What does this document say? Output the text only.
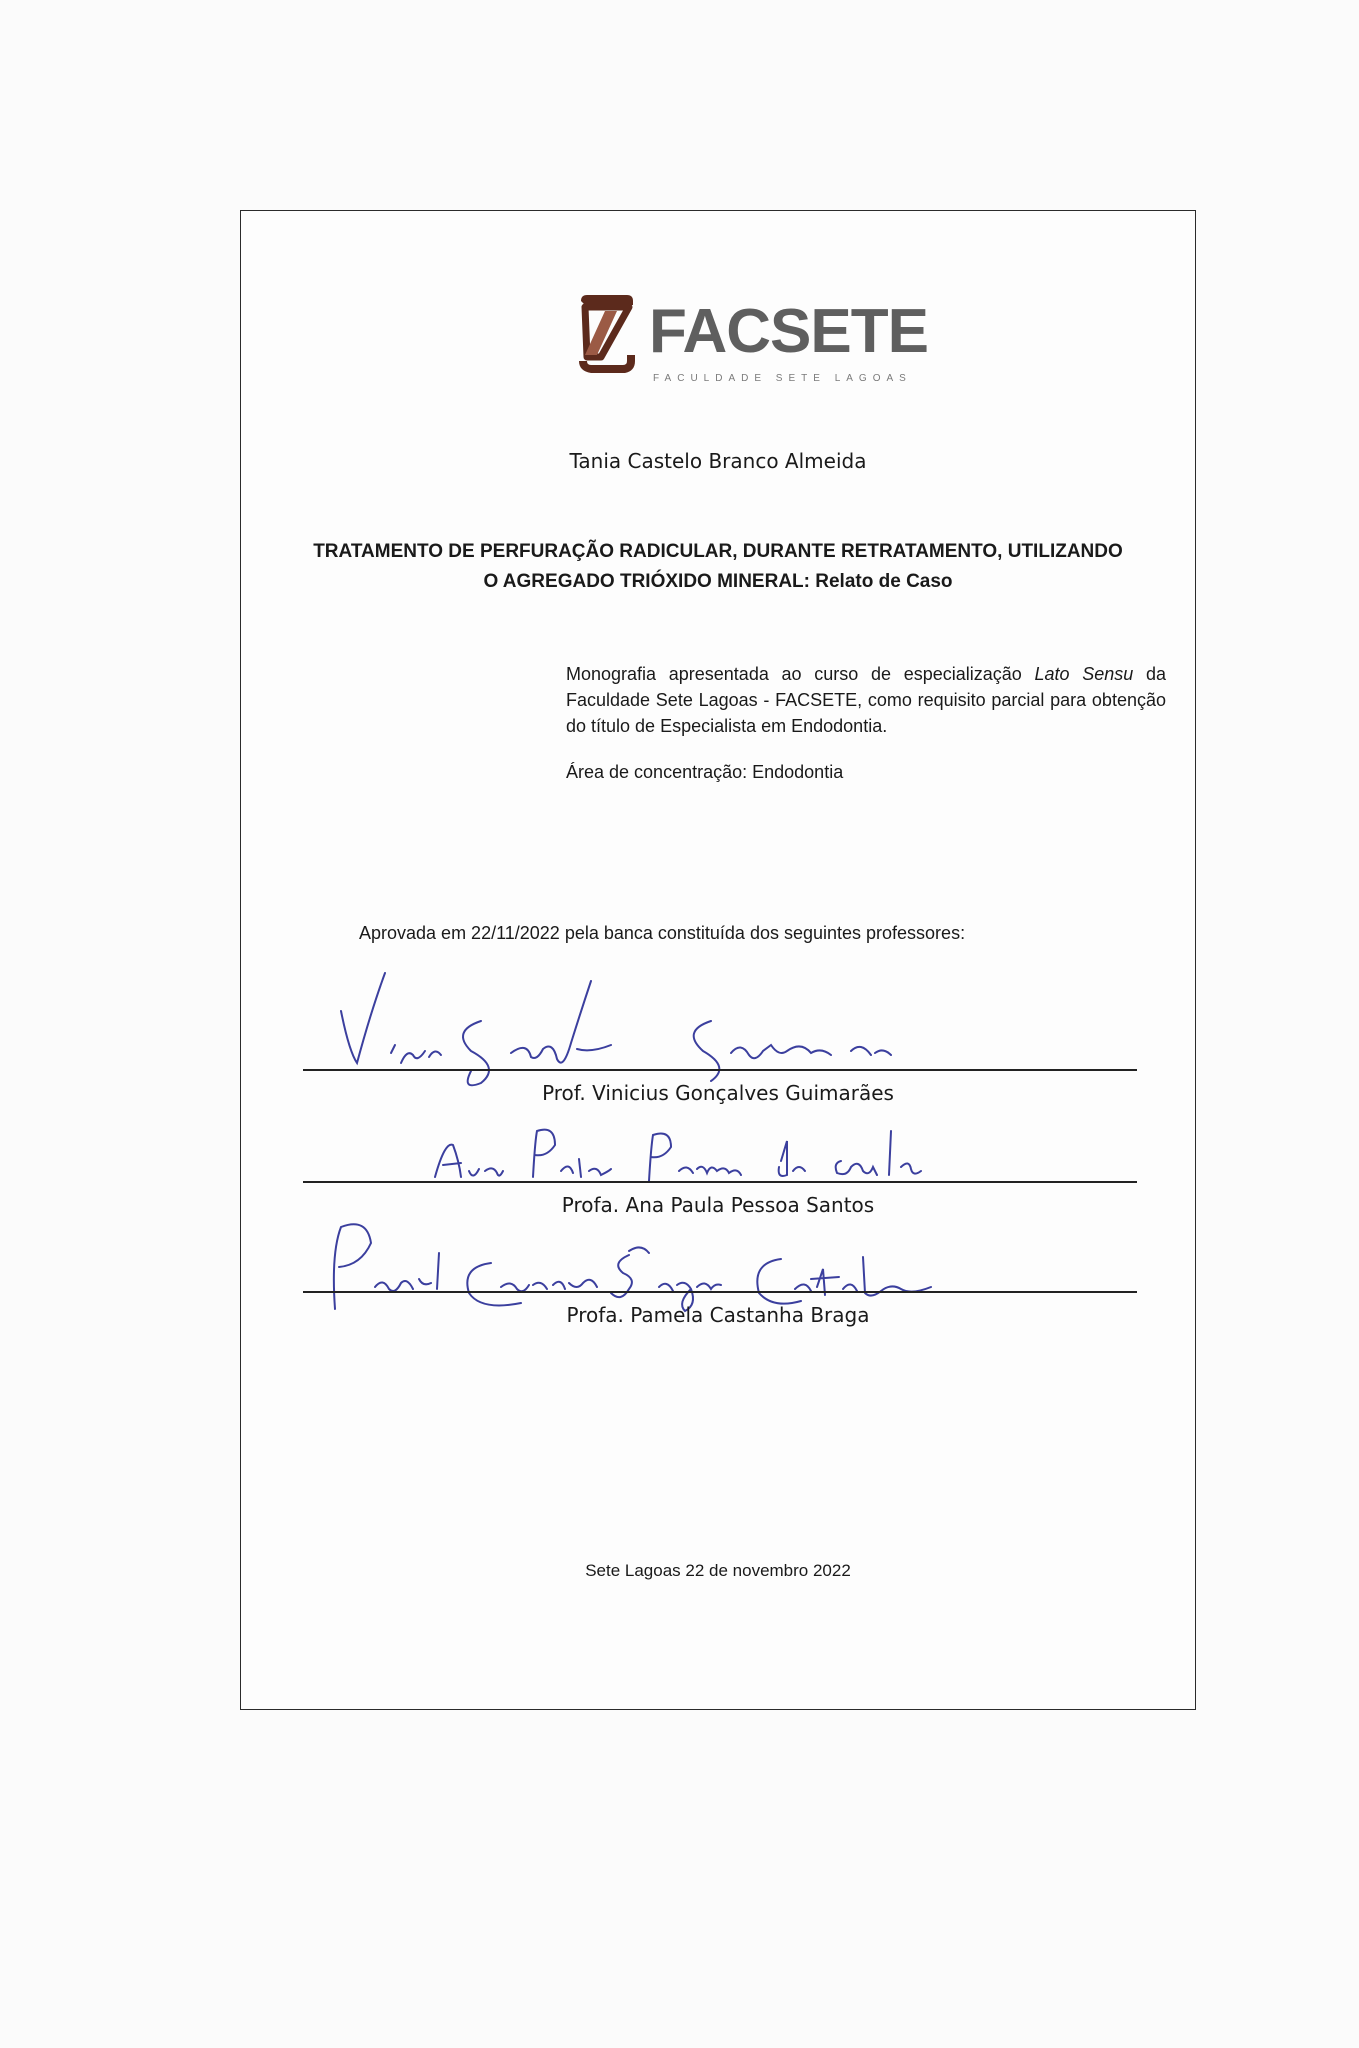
FACSETE
FACULDADE SETE LAGOAS
Tania Castelo Branco Almeida
TRATAMENTO DE PERFURAÇÃO RADICULAR, DURANTE RETRATAMENTO, UTILIZANDO
O AGREGADO TRIÓXIDO MINERAL: Relato de Caso
Monografia apresentada ao curso de especialização Lato Sensu da Faculdade Sete Lagoas - FACSETE, como requisito parcial para obtenção do título de Especialista em Endodontia.
Área de concentração: Endodontia
Aprovada em 22/11/2022 pela banca constituída dos seguintes professores:
Prof. Vinicius Gonçalves Guimarães
Profa. Ana Paula Pessoa Santos
Profa. Pamela Castanha Braga
Sete Lagoas 22 de novembro 2022
